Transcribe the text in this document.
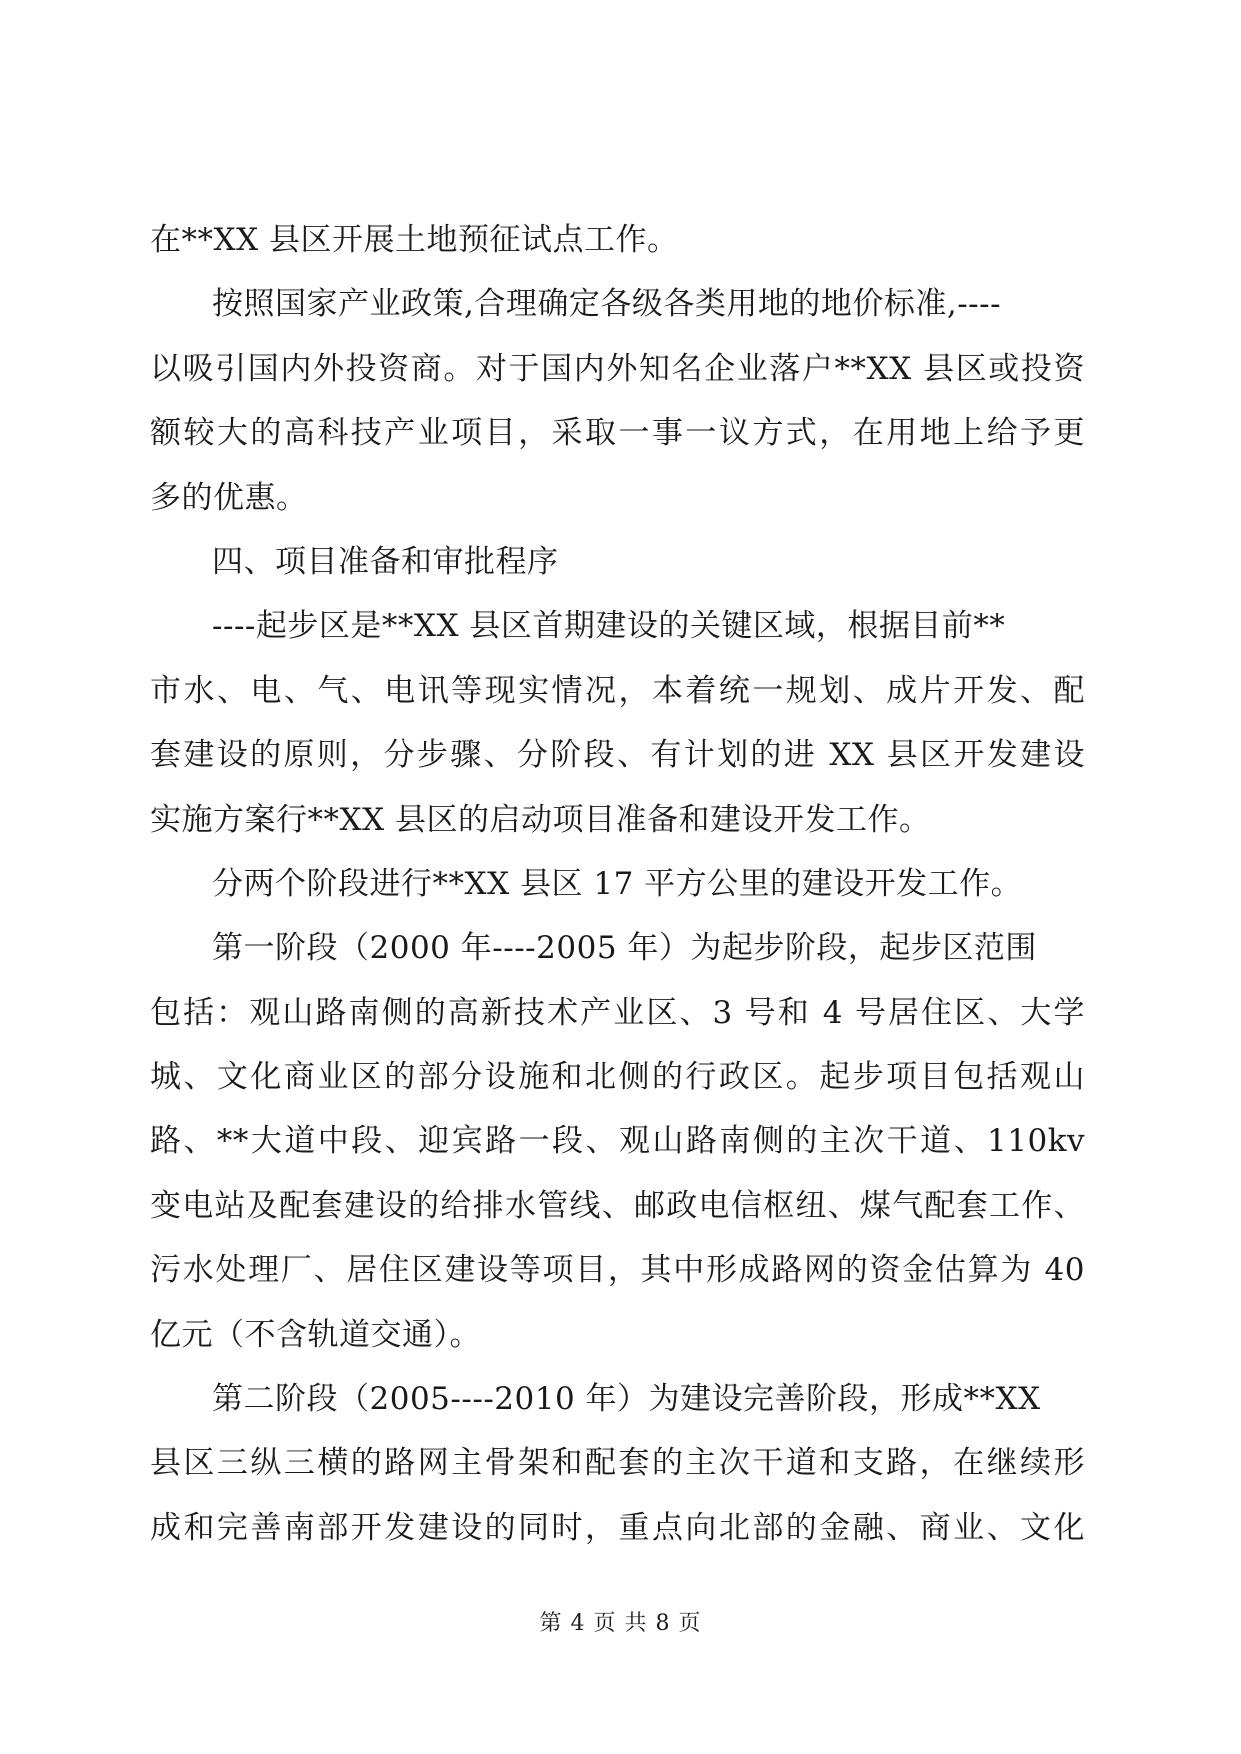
在**XX 县区开展土地预征试点工作。
按照国家产业政策,合理确定各级各类用地的地价标准,----
以吸引国内外投资商。对于国内外知名企业落户**XX 县区或投资
额较大的高科技产业项目，采取一事一议方式，在用地上给予更
多的优惠。
四、项目准备和审批程序
----起步区是**XX 县区首期建设的关键区域，根据目前**
市水、电、气、电讯等现实情况，本着统一规划、成片开发、配
套建设的原则，分步骤、分阶段、有计划的进 XX 县区开发建设
实施方案行**XX 县区的启动项目准备和建设开发工作。
分两个阶段进行**XX 县区 17 平方公里的建设开发工作。
第一阶段（2000 年----2005 年）为起步阶段，起步区范围
包括：观山路南侧的高新技术产业区、3 号和 4 号居住区、大学
城、文化商业区的部分设施和北侧的行政区。起步项目包括观山
路、**大道中段、迎宾路一段、观山路南侧的主次干道、110kv
变电站及配套建设的给排水管线、邮政电信枢纽、煤气配套工作、
污水处理厂、居住区建设等项目，其中形成路网的资金估算为 40
亿元（不含轨道交通）。
第二阶段（2005----2010 年）为建设完善阶段，形成**XX
县区三纵三横的路网主骨架和配套的主次干道和支路，在继续形
成和完善南部开发建设的同时，重点向北部的金融、商业、文化
第 4 页 共 8 页
